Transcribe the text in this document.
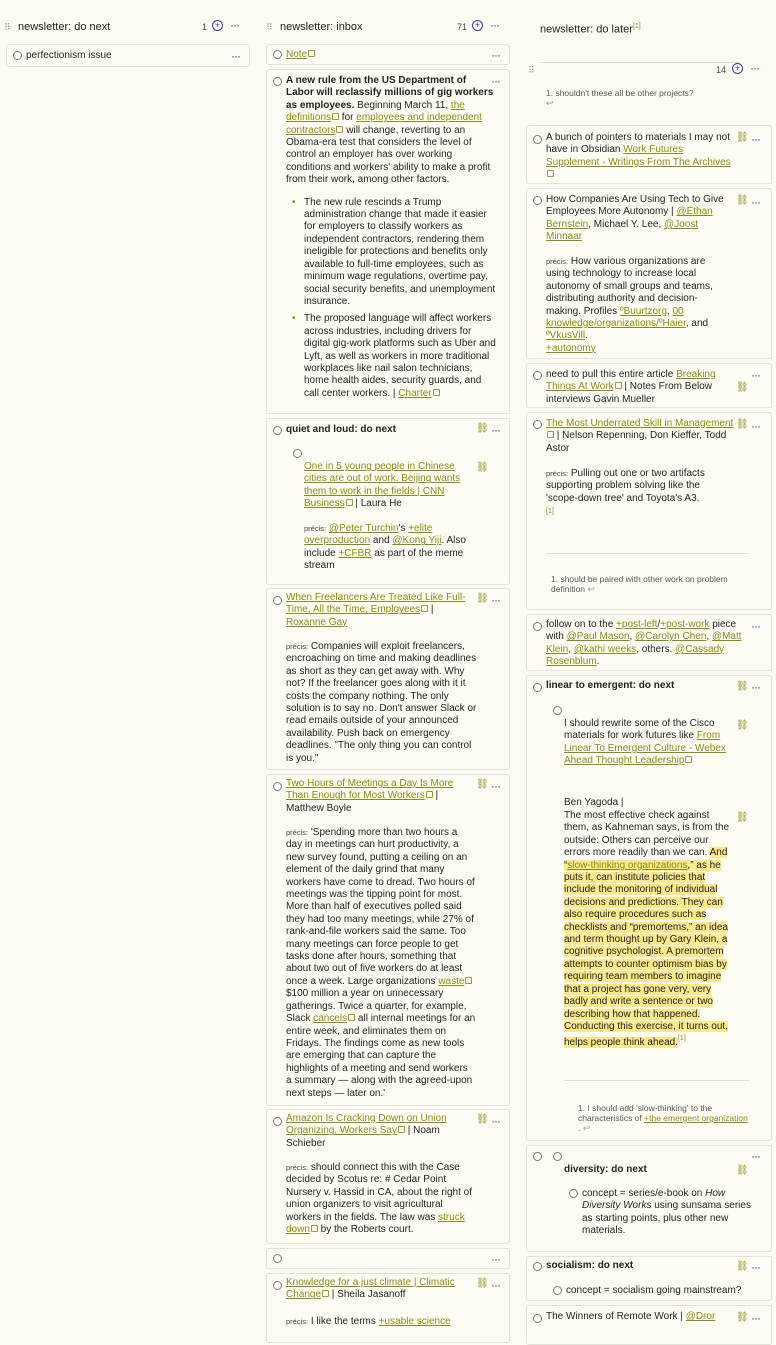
⠿ newsletter: do next	1 + ···
perfectionism issue	···
⠿ newsletter: inbox	71 + ···
Note	···
···
A new rule from the US Department of Labor will reclassify millions of gig workers as employees. Beginning March 11, the definitions for employees and independent contractors will change, reverting to an Obama-era test that considers the level of control an employer has over working conditions and workers' ability to make a profit from their work, among other factors.
• The new rule rescinds a Trump administration change that made it easier for employers to classify workers as independent contractors, rendering them ineligible for protections and benefits only available to full-time employees, such as minimum wage regulations, overtime pay, social security benefits, and unemployment insurance.
• The proposed language will affect workers across industries, including drivers for digital gig-work platforms such as Uber and Lyft, as well as workers in more traditional workplaces like nail salon technicians, home health aides, security guards, and call center workers. | Charter
quiet and loud: do next	⛓ ···
⛓
One in 5 young people in Chinese cities are out of work. Beijing wants them to work in the fields | CNN Business | Laura He
précis: @Peter Turchin's +elite overproduction and @Kong Yiji. Also include +CFBR as part of the meme stream
⛓ ···
When Freelancers Are Treated Like Full-Time, All the Time, Employees | Roxanne Gay
précis: Companies will exploit freelancers, encroaching on time and making deadlines as short as they can get away with. Why not? If the freelancer goes along with it it costs the company nothing. The only solution is to say no. Don't answer Slack or read emails outside of your announced availability. Push back on emergency deadlines. "The only thing you can control is you."
⛓ ···
Two Hours of Meetings a Day Is More Than Enough for Most Workers | Matthew Boyle
précis: 'Spending more than two hours a day in meetings can hurt productivity, a new survey found, putting a ceiling on an element of the daily grind that many workers have come to dread. Two hours of meetings was the tipping point for most. More than half of executives polled said they had too many meetings, while 27% of rank-and-file workers said the same. Too many meetings can force people to get tasks done after hours, something that about two out of five workers do at least once a week. Large organizations waste $100 million a year on unnecessary gatherings. Twice a quarter, for example, Slack cancels all internal meetings for an entire week, and eliminates them on Fridays. The findings come as new tools are emerging that can capture the highlights of a meeting and send workers a summary — along with the agreed-upon next steps — later on.'
⛓ ···
Amazon Is Cracking Down on Union Organizing, Workers Say | Noam Schieber
précis: should connect this with the Case decided by Scotus re: # Cedar Point Nursery v. Hassid in CA, about the right of union organizers to visit agricultural workers in the fields. The law was struck down by the Roberts court.
···
⛓ ···
Knowledge for a just climate | Climatic Change | Sheila Jasanoff
précis: I like the terms +usable science
newsletter: do later[1]
⠿	14 + ···
1. shouldn't these all be other projects?
↩
⛓ ···
A bunch of pointers to materials I may not have in Obsidian Work Futures Supplement - Writings From The Archives
⛓ ···
How Companies Are Using Tech to Give Employees More Autonomy | @Ethan Bernstein, Michael Y. Lee, @Joost Minnaar
précis: How various organizations are using technology to increase local autonomy of small groups and teams, distributing authority and decision-making. Profiles ºBuurtzorg, 00 knowledge/organizations/ºHaier, and ºVkusVill.
+autonomy
···
⛓
need to pull this entire article Breaking Things At Work | Notes From Below interviews Gavin Mueller
⛓ ···
The Most Underrated Skill in Management | Nelson Repenning, Don Kieffer, Todd Astor
précis: Pulling out one or two artifacts supporting problem solving like the 'scope-down tree' and Toyota's A3.
[1]
1. should be paired with other work on problem definition ↩
···
follow on to the +post-left/+post-work piece with @Paul Mason, @Carolyn Chen, @Matt Klein, @kathi weeks, others. @Cassady Rosenblum.
linear to emergent: do next	⛓ ···
⛓
I should rewrite some of the Cisco materials for work futures like From Linear To Emergent Culture - Webex Ahead Thought Leadership
Ben Yagoda |
⛓
The most effective check against them, as Kahneman says, is from the outside: Others can perceive our errors more readily than we can. And “slow-thinking organizations,” as he puts it, can institute policies that include the monitoring of individual decisions and predictions. They can also require procedures such as checklists and “premortems,” an idea and term thought up by Gary Klein, a cognitive psychologist. A premortem attempts to counter optimism bias by requiring team members to imagine that a project has gone very, very badly and write a sentence or two describing how that happened. Conducting this exercise, it turns out, helps people think ahead.[1]
1. I should add 'slow-thinking' to the characteristics of +the emergent organization . ↩
···
diversity: do next	⛓
concept = series/e-book on How Diversity Works using sunsama series as starting points, plus other new materials.
socialism: do next	⛓ ···
concept = socialism going mainstream?
⛓ ···
The Winners of Remote Work | @Dror
